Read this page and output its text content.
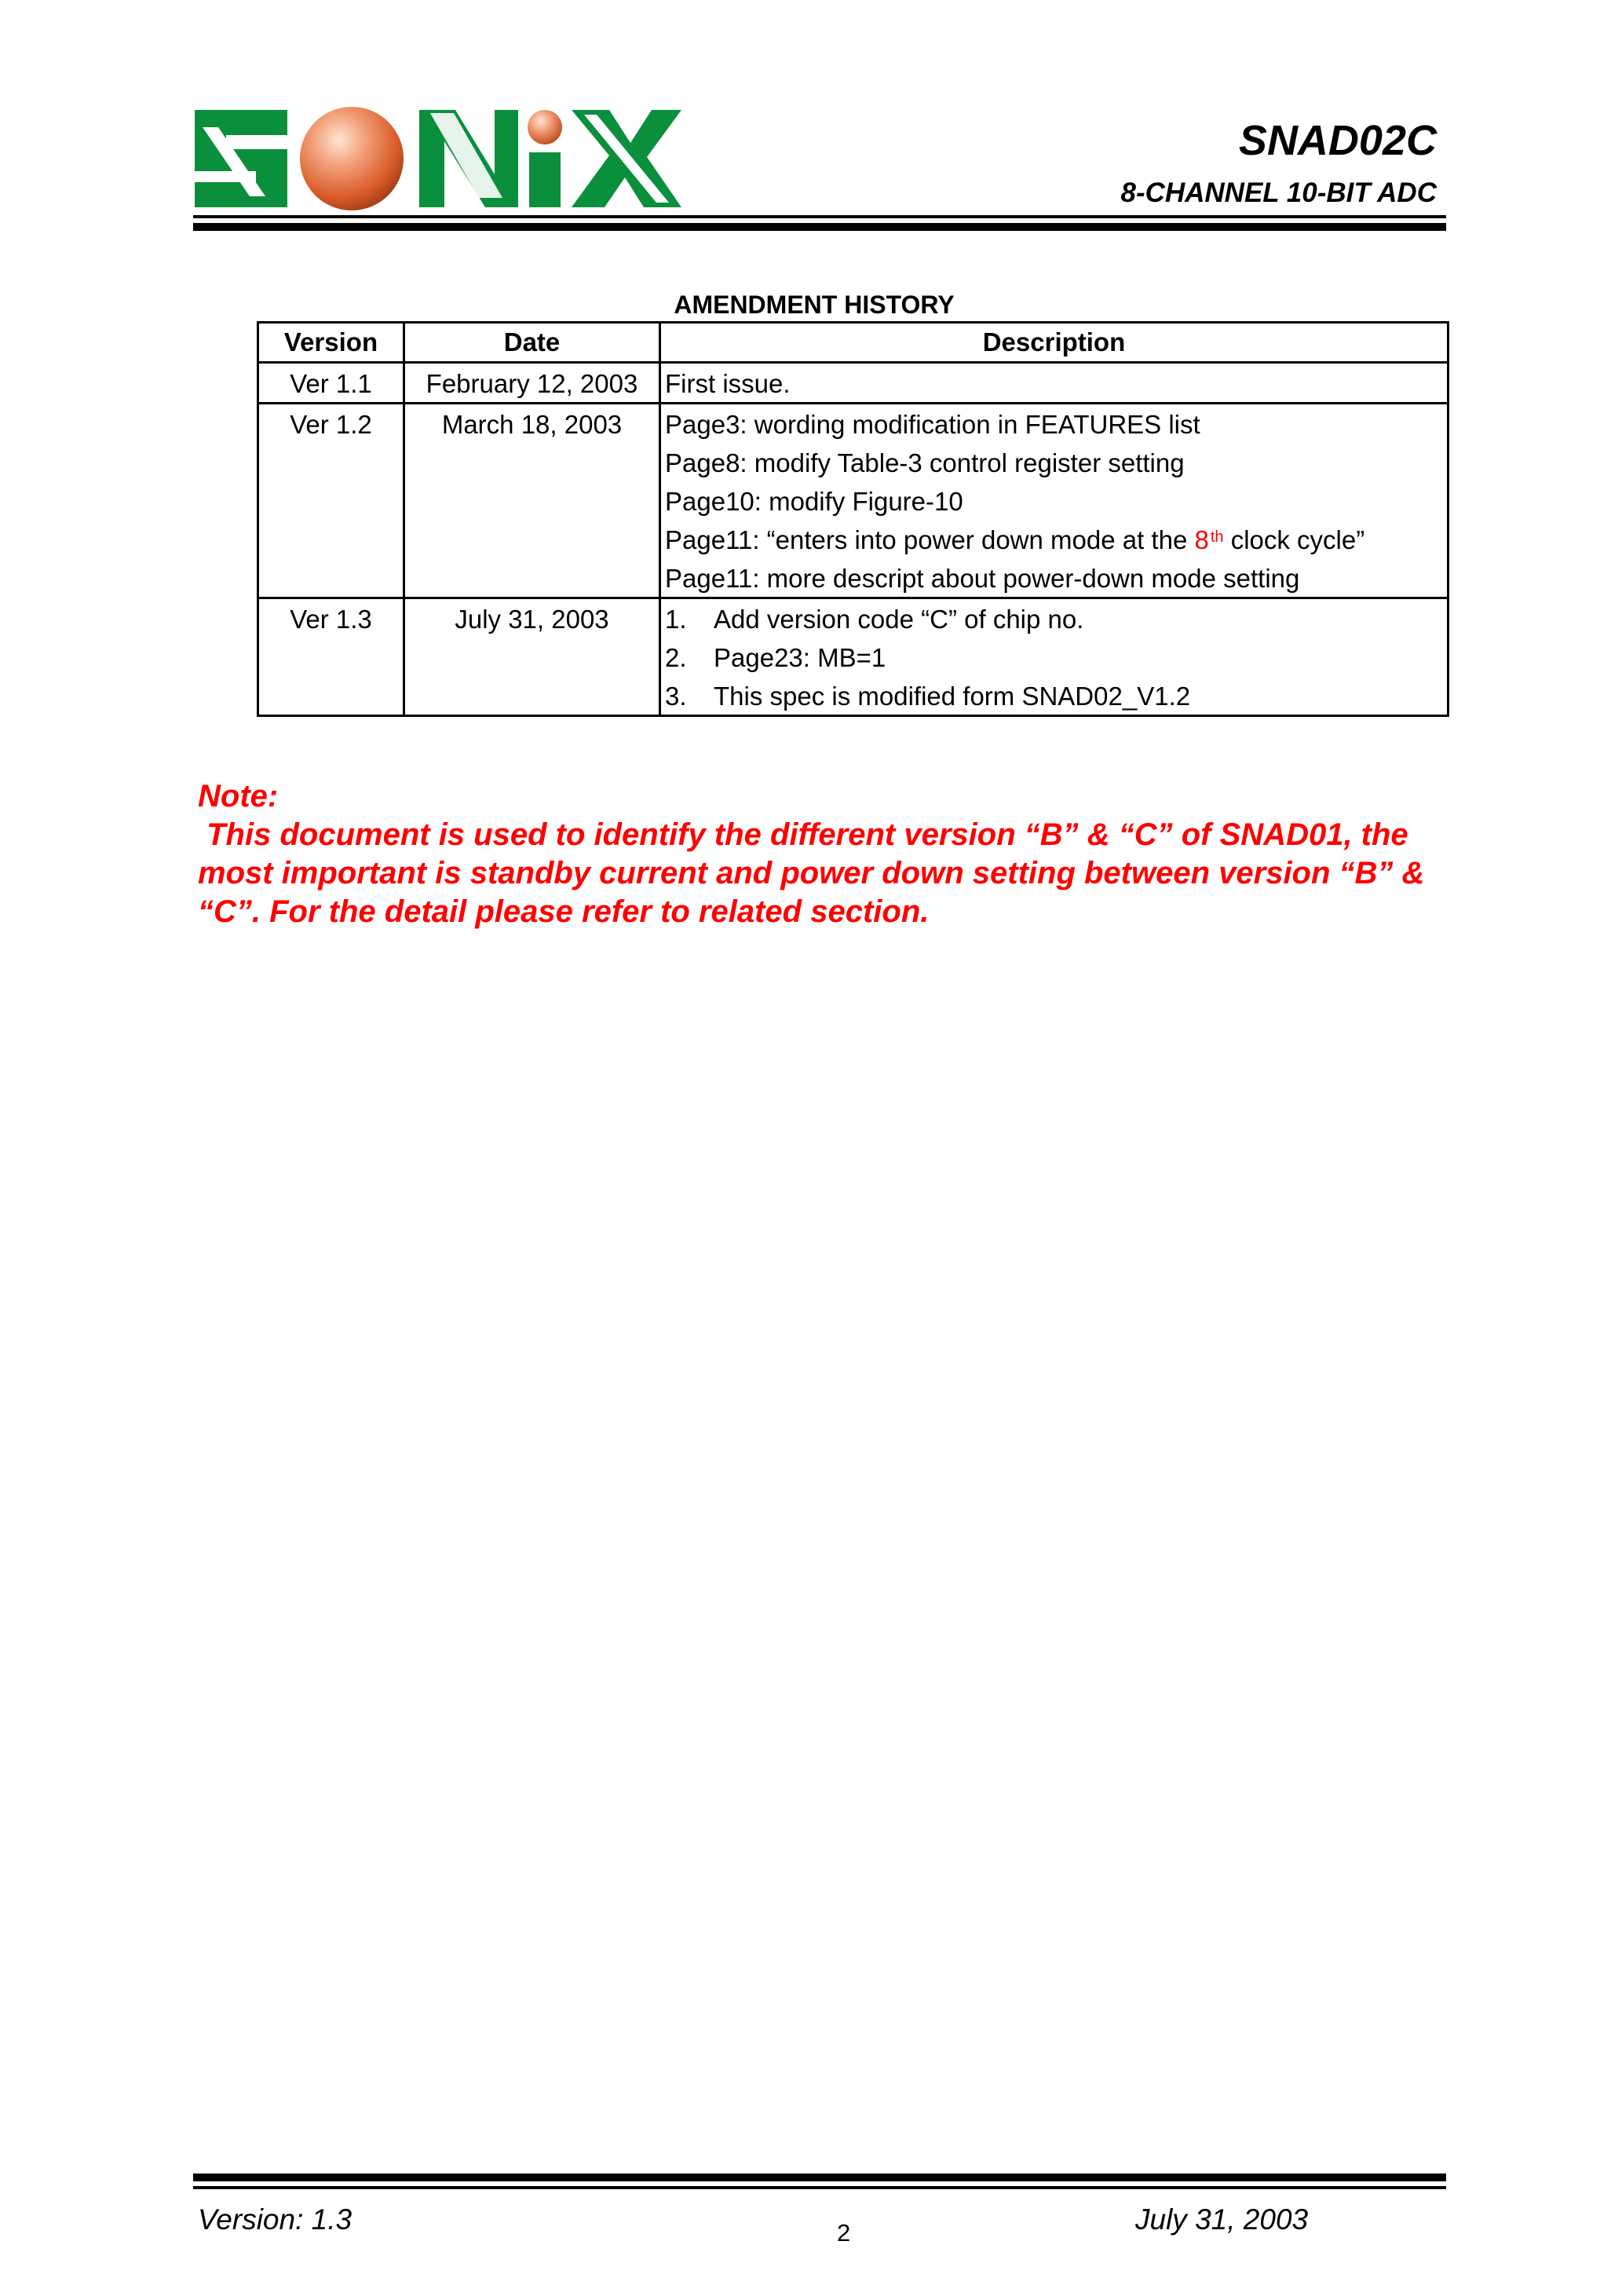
SNAD02C
8-CHANNEL 10-BIT ADC
AMENDMENT HISTORY
Version	Date	Description

Ver 1.1	February 12, 2003	First issue.

Ver 1.2	March 18, 2003	Page3: wording modification in FEATURES list
Page8: modify Table-3 control register setting
Page10: modify Figure-10
Page11: “enters into power down mode at the 8 $^{th}$ clock cycle”
Page11: more descript about power-down mode setting

Ver 1.3	July 31, 2003	1. Add version code “C” of chip no.
2. Page23: MB=1
3. This spec is modified form SNAD02_V1.2
Note:
This document is used to identify the different version “B” & “C” of SNAD01, the most important is standby current and power down setting between version “B” & “C”. For the detail please refer to related section.
Version: 1.3	2	July 31, 2003
